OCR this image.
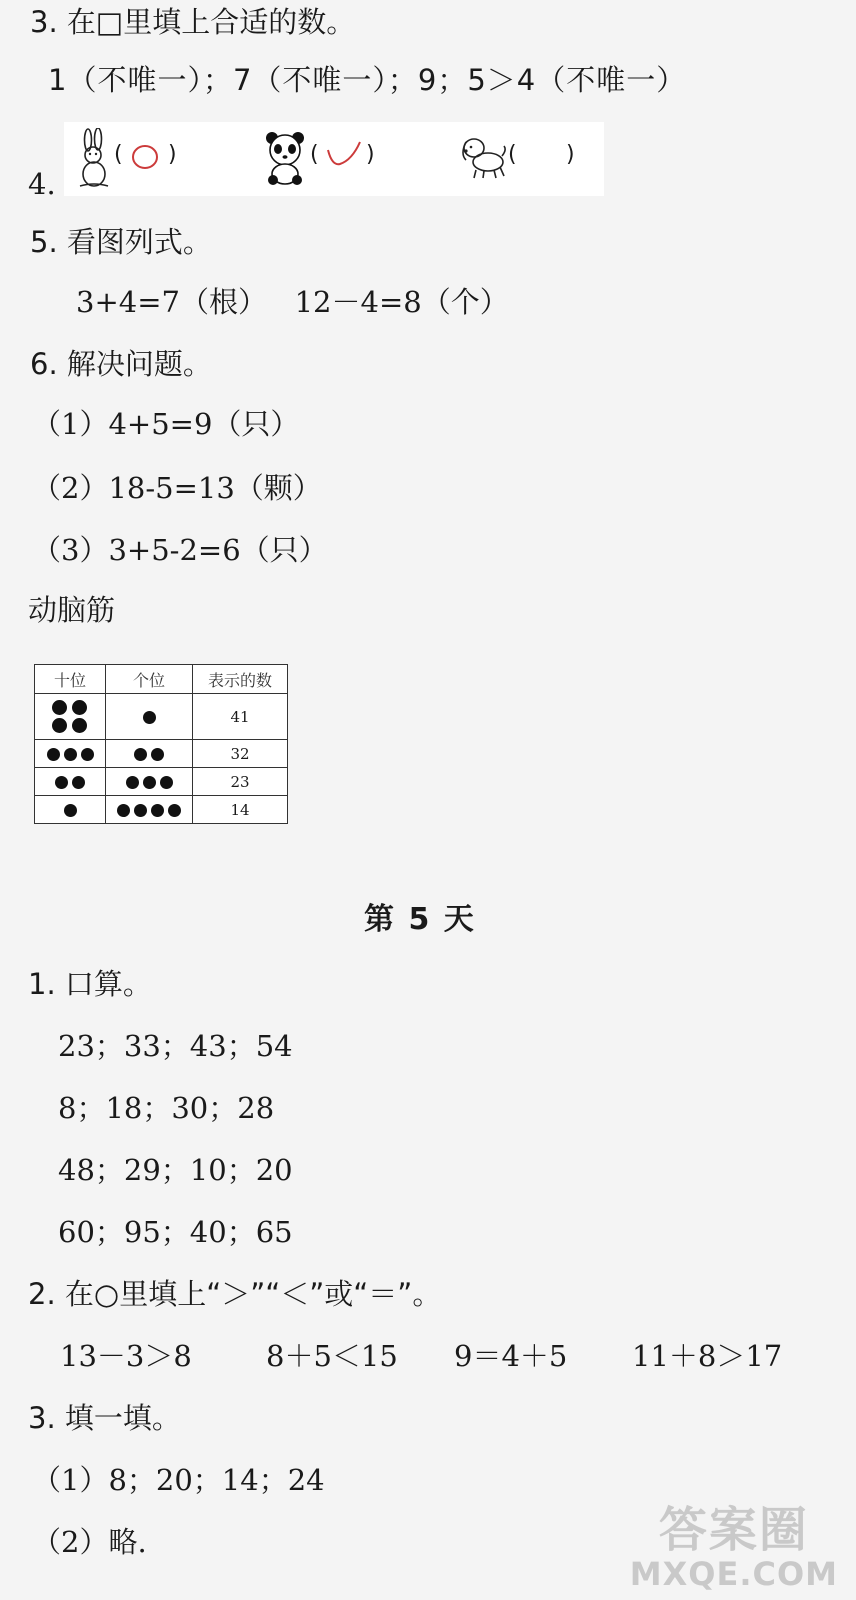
3. 在□里填上合适的数。
1（不唯一）；7（不唯一）；9；5＞4（不唯一）
( ○ )	( )	( )
4.
5. 看图列式。
3+4=7（根）   12－4=8（个）
6. 解决问题。
（1）4+5=9（只）
（2）18-5=13（颗）
（3）3+5-2=6（只）
动脑筋
十位	个位	表示的数

		41
		32
		23
		14
第 5 天
1. 口算。
23；33；43；54
8；18；30；28
48；29；10；20
60；95；40；65
2. 在○里填上“＞”“＜”或“＝”。
13－3＞8	8＋5＜15 9＝4＋5 11＋8＞17
3. 填一填。
（1）8；20；14；24
（2）略.	答案圈
MXQE.COM
